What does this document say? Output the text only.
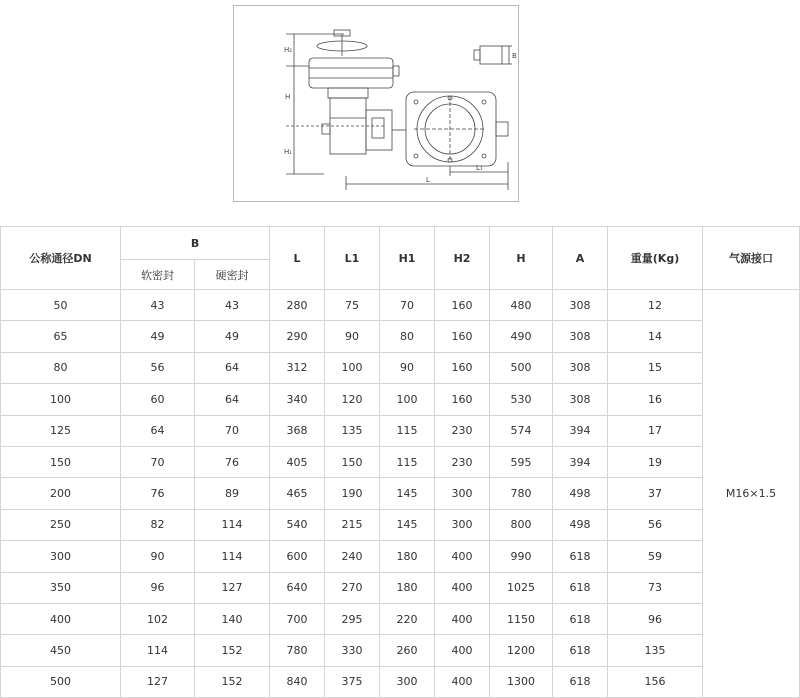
H₂
H
H₁
L
L₁
B
公称通径DN	B		L	L1	H1	H2	H	A	重量(Kg)	气源接口
	软密封	硬密封								
50	43	43	280	75	70	160	480	308	12	M16×1.5
65	49	49	290	90	80	160	490	308	14	
80	56	64	312	100	90	160	500	308	15	
100	60	64	340	120	100	160	530	308	16	
125	64	70	368	135	115	230	574	394	17	
150	70	76	405	150	115	230	595	394	19	
200	76	89	465	190	145	300	780	498	37	
250	82	114	540	215	145	300	800	498	56	
300	90	114	600	240	180	400	990	618	59	
350	96	127	640	270	180	400	1025	618	73	
400	102	140	700	295	220	400	1150	618	96	
450	114	152	780	330	260	400	1200	618	135	
500	127	152	840	375	300	400	1300	618	156	
